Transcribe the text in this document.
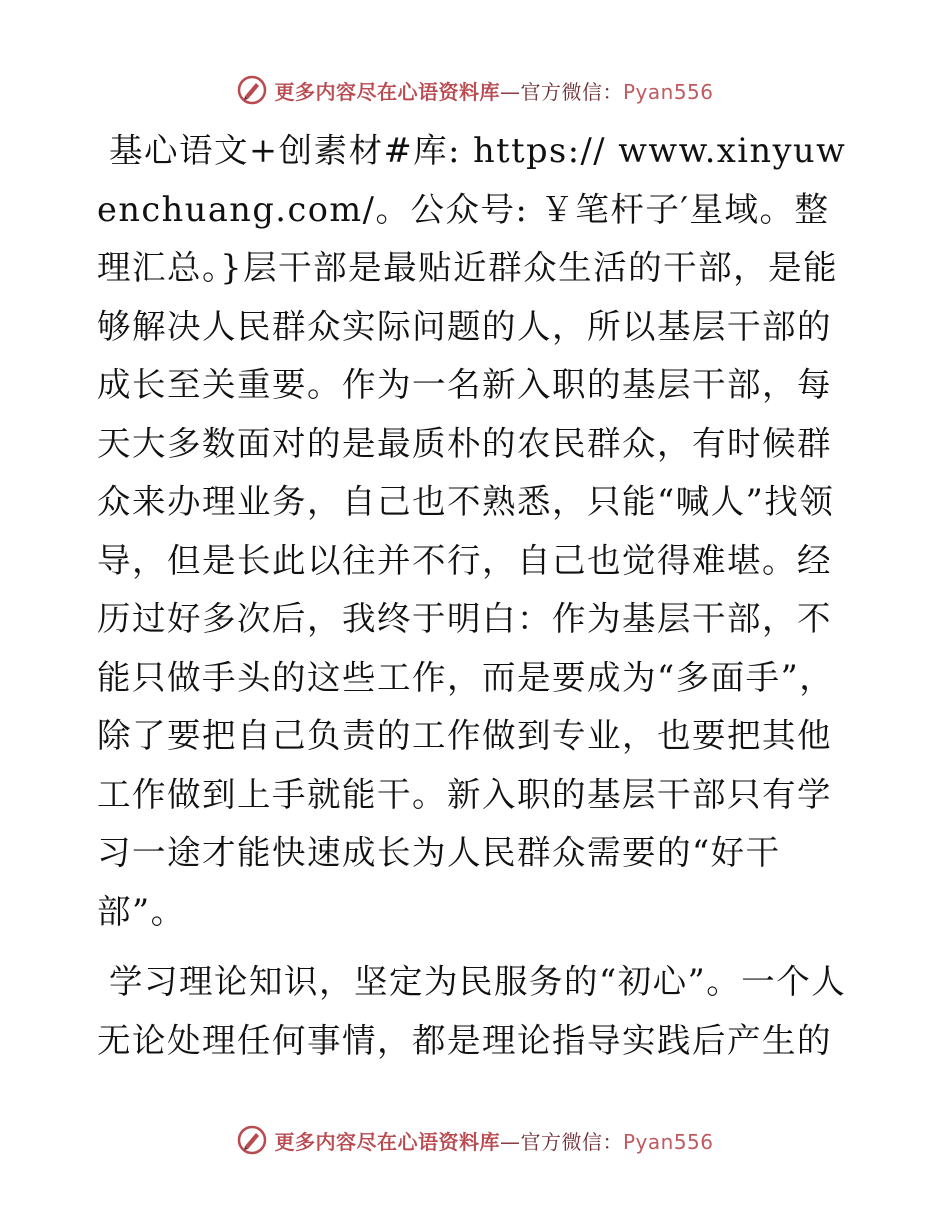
更多内容尽在心语资料库—官方微信：Pyan556

基心语文+创素材#库: https:// www.xinyuwenchuang.com/。公众号: ￥笔杆子′星域。整理汇总。}层干部是最贴近群众生活的干部，是能够解决人民群众实际问题的人，所以基层干部的成长至关重要。作为一名新入职的基层干部，每天大多数面对的是最质朴的农民群众，有时候群众来办理业务，自己也不熟悉，只能“喊人”找领导，但是长此以往并不行，自己也觉得难堪。经历过好多次后，我终于明白：作为基层干部，不能只做手头的这些工作，而是要成为“多面手”，除了要把自己负责的工作做到专业，也要把其他工作做到上手就能干。新入职的基层干部只有学习一途才能快速成长为人民群众需要的“好干部”。

学习理论知识，坚定为民服务的“初心”。一个人无论处理任何事情，都是理论指导实践后产生的

更多内容尽在心语资料库—官方微信：Pyan556
